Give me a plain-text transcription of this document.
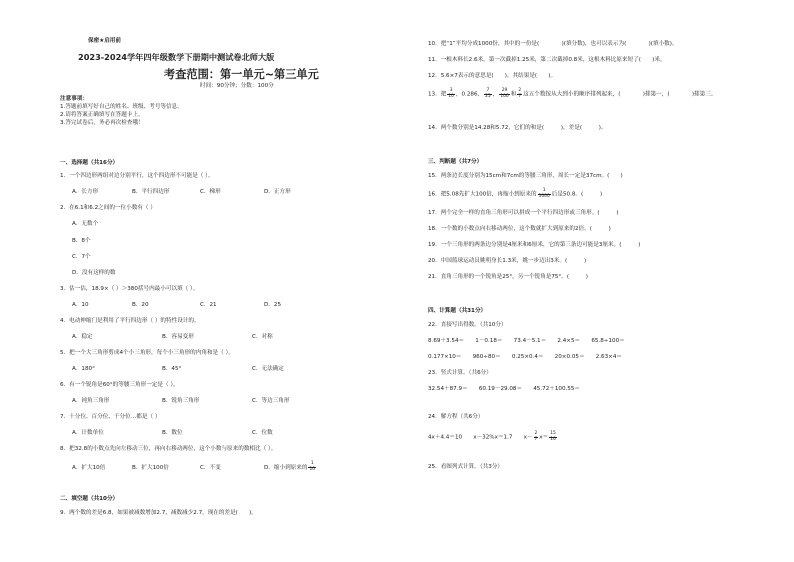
保密★启用前
2023-2024学年四年级数学下册期中测试卷北师大版
考查范围：第一单元~第三单元
时间：90分钟；分数：100分
注意事项：
1.答题前填写好自己的姓名、班级、考号等信息。
2.请将答案正确填写在答题卡上。
3.答完试卷后，务必再次检查哦！
一、选择题（共16分）
1．一个四边形两组对边分别平行，这个四边形不可能是（ ）。
A．长方形	B．平行四边形	C．梯形	D．正方形
2．在6.1和6.2之间的一位小数有（ ）
A．无数个
B．8个
C．7个
D．没有这样的数
3．估一估，18.9×（ ）＞380括号内最小可以填（ ）。
A．10	B．20	C．21	D．25
4．电动伸缩门是利用了平行四边形（ ）的特性设计的。
A．稳定	B．容易变形	C．对称
5．把一个大三角形剪成4个小三角形，每个小三角形的内角和是（ ）。
A．180°	B．45°	C．无法确定
6．有一个锐角是60°的等腰三角形一定是（ ）。
A．钝角三角形	B．锐角三角形	C．等边三角形
7．十分位、百分位、千分位…都是（ ）
A．计数单位	B．数位	C．位数
8．把32.8的小数点先向左移动三位，再向右移动两位，这个小数与原来的数相比（ ）。
A．扩大10倍	B．扩大100倍	C．不变	D．缩小到原来的 $\frac{1}{10}$
二、填空题（共10分）
9．两个数的差是6.8，如果被减数增加2.7，减数减少2.7，现在的差是(　　)。
10．把“1”平均分成1000份，其中的一份是(　　　　)(填分数)，也可以表示为(　　　　)(填小数)。
11．一根木料长2.6米，第一次截掉1.25米，第二次截掉0.8米，这根木料比原来短了(　　)米。
12．5.6×7表示的意思是(　　)，其结果是(　　)。
13．把 $\frac{3}{10}$ ，0.286， $\frac{7}{25}$ ， $\frac{29}{100}$ 和 $\frac{2}{7}$ 这五个数按从大到小的顺序排列起来，(　　　　)排第一，(　　　　)排第三。
14．两个数分别是14.28和5.72，它们的和是(　　　)，差是(　　　)。
三、判断题（共7分）
15．两条边长度分别为15cm和7cm的等腰三角形，周长一定是37cm。(　　)
16．把5.08先扩大100倍，再缩小到原来的 $\frac{1}{1000}$ 后是50.8。(　　　)
17．两个完全一样的直角三角形可以拼成一个平行四边形或三角形。(　　　)
18．一个数的小数点向右移动两位，这个数就扩大到原来的2倍。(　　　)
19．一个三角形的两条边分别是4厘米和6厘米，它的第三条边可能是3厘米。(　　　)
20．中国篮球运动员姚明身长1.3米，姚一步迈出3米。(　　　)
21．直角三角形的一个锐角是25°，另一个锐角是75°。(　　　)
四、计算题（共31分）
22．直接写出得数。（共10分）
8.69＋3.54＝　　1－0.18＝　　73.4－5.1＝　　2.4×5＝　　65.8÷100＝
0.177×10＝　　960÷80＝　　0.25×0.4＝　　20×0.05＝　　2.63×4＝
23．竖式计算。（共6分）
32.54＋87.9＝　　60.19－29.08＝　　45.72＋100.55＝
24．解方程（共6分）
4x＋4.4＝10　　x－32%x＝1.7　　$x- \frac{2}{7} x= \frac{15}{16}$
25．看图列式计算。（共3分）
